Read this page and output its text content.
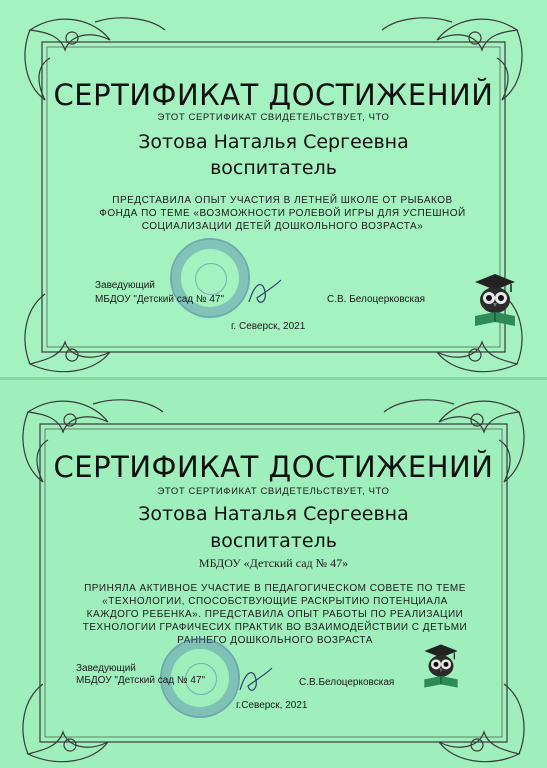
СЕРТИФИКАТ ДОСТИЖЕНИЙ
ЭТОТ СЕРТИФИКАТ СВИДЕТЕЛЬСТВУЕТ, ЧТО
Зотова Наталья Сергеевна
воспитатель
ПРЕДСТАВИЛА ОПЫТ УЧАСТИЯ В ЛЕТНЕЙ ШКОЛЕ ОТ РЫБАКОВ ФОНДА ПО ТЕМЕ «ВОЗМОЖНОСТИ РОЛЕВОЙ ИГРЫ ДЛЯ УСПЕШНОЙ СОЦИАЛИЗАЦИИ ДЕТЕЙ ДОШКОЛЬНОГО ВОЗРАСТА»
Заведующий
МБДОУ "Детский сад № 47"	С.В. Белоцерковская
г. Северск, 2021
СЕРТИФИКАТ ДОСТИЖЕНИЙ
ЭТОТ СЕРТИФИКАТ СВИДЕТЕЛЬСТВУЕТ, ЧТО
Зотова Наталья Сергеевна
воспитатель
МБДОУ «Детский сад № 47»
ПРИНЯЛА АКТИВНОЕ УЧАСТИЕ В ПЕДАГОГИЧЕСКОМ СОВЕТЕ ПО ТЕМЕ «ТЕХНОЛОГИИ, СПОСОБСТВУЮЩИЕ РАСКРЫТИЮ ПОТЕНЦИАЛА КАЖДОГО РЕБЕНКА». ПРЕДСТАВИЛА ОПЫТ РАБОТЫ ПО РЕАЛИЗАЦИИ ТЕХНОЛОГИИ ГРАФИЧЕСИХ ПРАКТИК ВО ВЗАИМОДЕЙСТВИИ С ДЕТЬМИ РАННЕГО ДОШКОЛЬНОГО ВОЗРАСТА
Заведующий
МБДОУ "Детский сад № 47"	С.В.Белоцерковская
г.Северск, 2021
